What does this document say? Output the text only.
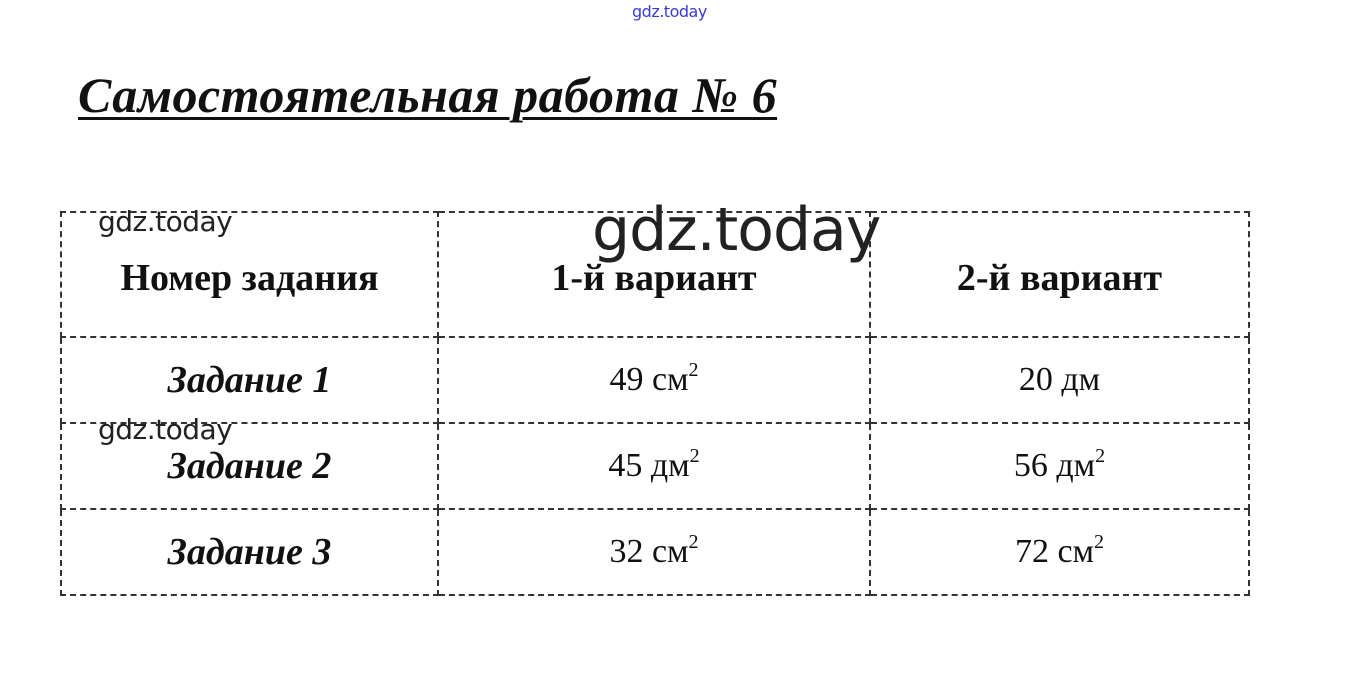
gdz.today
Самостоятельная работа № 6
Номер задания	1-й вариант	2-й вариант
Задание 1	49 $см^2$	20 дм
Задание 2	45 $дм^2$	56 $дм^2$
Задание 3	32 $см^2$	72 $см^2$
gdz.today
gdz.today
gdz.today
